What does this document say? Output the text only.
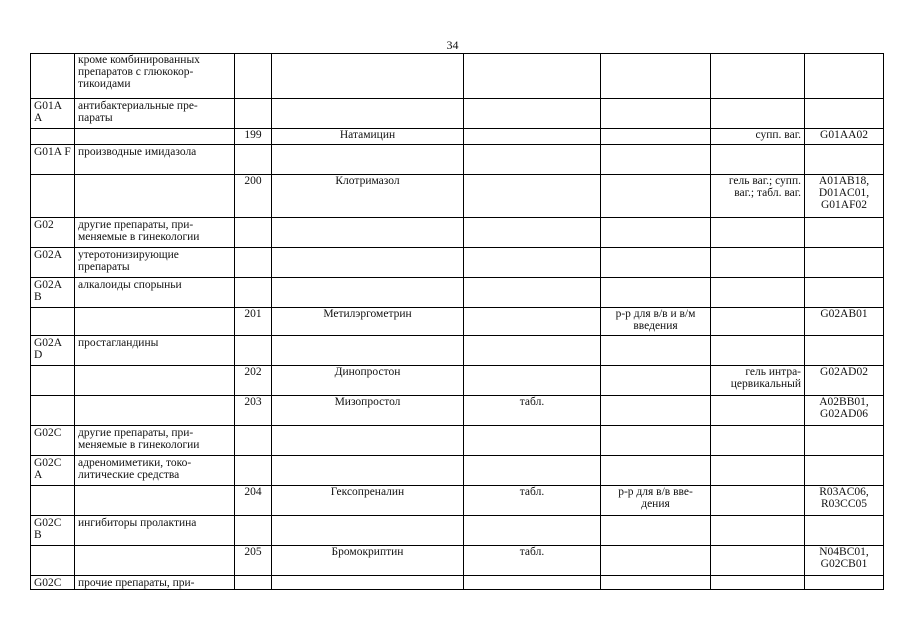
34
	кроме комбинированных препаратов с глюкокор-тикоидами						
G01A A	антибактериальные пре-параты						
		199	Натамицин			супп. ваг.	G01AA02
G01A F	производные имидазола						
		200	Клотримазол			гель ваг.; супп. ваг.; табл. ваг.	A01AB18, D01AC01, G01AF02
G02	другие препараты, при-меняемые в гинекологии						
G02A	утеротонизирующие препараты						
G02A B	алкалоиды спорыньи						
		201	Метилэргометрин		р-р для в/в и в/м введения		G02AB01
G02A D	простагландины						
		202	Динопростон			гель интра-цервикальный	G02AD02
		203	Мизопростол	табл.			A02BB01, G02AD06
G02C	другие препараты, при-меняемые в гинекологии						
G02C A	адреномиметики, токо-литические средства						
		204	Гексопреналин	табл.	р-р для в/в вве-дения		R03AC06, R03CC05
G02C B	ингибиторы пролактина						
		205	Бромокриптин	табл.			N04BC01, G02CB01
G02C	прочие препараты, при-						
